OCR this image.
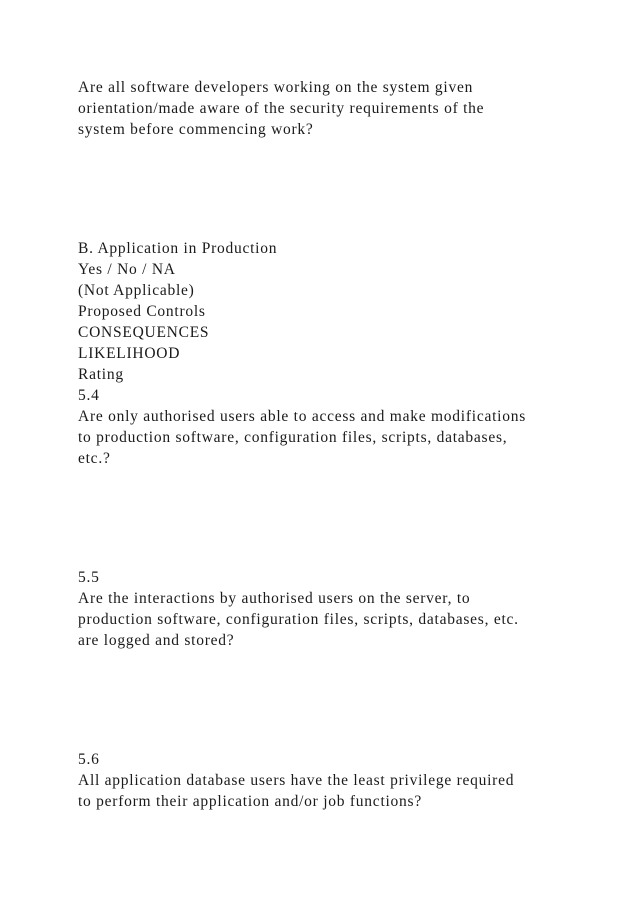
Are all software developers working on the system given
orientation/made aware of the security requirements of the
system before commencing work?
B. Application in Production
Yes / No / NA
(Not Applicable)
Proposed Controls
CONSEQUENCES
LIKELIHOOD
Rating
5.4
Are only authorised users able to access and make modifications
to production software, configuration files, scripts, databases,
etc.?
5.5
Are the interactions by authorised users on the server, to
production software, configuration files, scripts, databases, etc.
are logged and stored?
5.6
All application database users have the least privilege required
to perform their application and/or job functions?
